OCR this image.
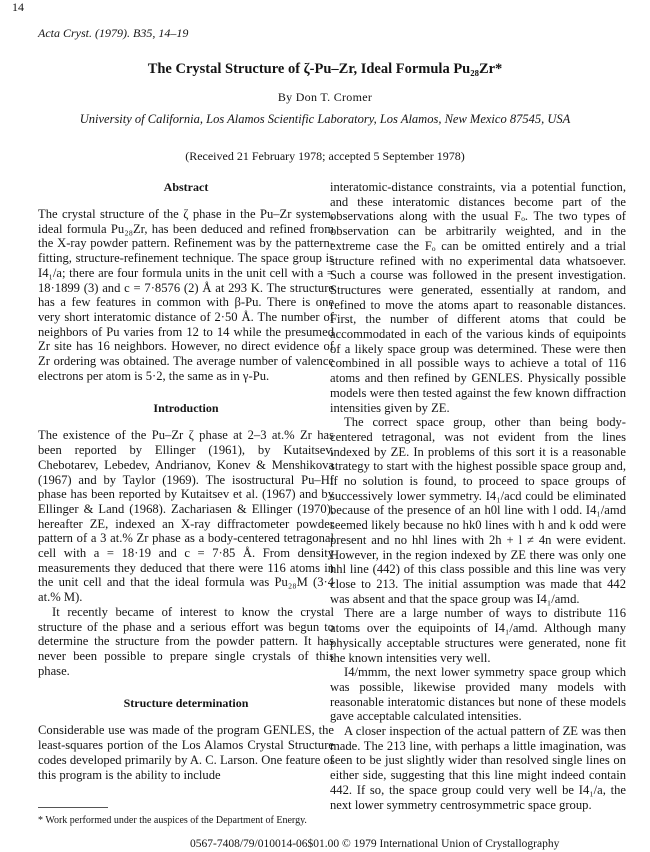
14
Acta Cryst. (1979). B35, 14–19
The Crystal Structure of ζ-Pu–Zr, Ideal Formula Pu₂₈Zr*
By Don T. Cromer
University of California, Los Alamos Scientific Laboratory, Los Alamos, New Mexico 87545, USA
(Received 21 February 1978; accepted 5 September 1978)
Abstract

The crystal structure of the ζ phase in the Pu–Zr system, ideal formula Pu₂₈Zr, has been deduced and refined from the X-ray powder pattern. Refinement was by the pattern-fitting, structure-refinement technique. The space group is I4₁/a; there are four formula units in the unit cell with a = 18·1899 (3) and c = 7·8576 (2) Å at 293 K. The structure has a few features in common with β-Pu. There is one very short interatomic distance of 2·50 Å. The number of neighbors of Pu varies from 12 to 14 while the presumed Zr site has 16 neighbors. However, no direct evidence of Zr ordering was obtained. The average number of valence electrons per atom is 5·2, the same as in γ-Pu.

Introduction

The existence of the Pu–Zr ζ phase at 2–3 at.% Zr has been reported by Ellinger (1961), by Kutaitsev, Chebotarev, Lebedev, Andrianov, Konev & Menshikova (1967) and by Taylor (1969). The isostructural Pu–Hf phase has been reported by Kutaitsev et al. (1967) and by Ellinger & Land (1968). Zachariasen & Ellinger (1970), hereafter ZE, indexed an X-ray diffractometer powder pattern of a 3 at.% Zr phase as a body-centered tetragonal cell with a = 18·19 and c = 7·85 Å. From density measurements they deduced that there were 116 atoms in the unit cell and that the ideal formula was Pu₂₈M (3·4 at.% M).

It recently became of interest to know the crystal structure of the phase and a serious effort was begun to determine the structure from the powder pattern. It has never been possible to prepare single crystals of this phase.

Structure determination

Considerable use was made of the program GENLES, the least-squares portion of the Los Alamos Crystal Structure codes developed primarily by A. C. Larson. One feature of this program is the ability to include

interatomic-distance constraints, via a potential function, and these interatomic distances become part of the observations along with the usual Fₒ. The two types of observation can be arbitrarily weighted, and in the extreme case the Fₒ can be omitted entirely and a trial structure refined with no experimental data whatsoever. Such a course was followed in the present investigation. Structures were generated, essentially at random, and refined to move the atoms apart to reasonable distances. First, the number of different atoms that could be accommodated in each of the various kinds of equipoints of a likely space group was determined. These were then combined in all possible ways to achieve a total of 116 atoms and then refined by GENLES. Physically possible models were then tested against the few known diffraction intensities given by ZE.

The correct space group, other than being body-centered tetragonal, was not evident from the lines indexed by ZE. In problems of this sort it is a reasonable strategy to start with the highest possible space group and, if no solution is found, to proceed to space groups of successively lower symmetry. I4₁/acd could be eliminated because of the presence of an h0l line with l odd. I4₁/amd seemed likely because no hk0 lines with h and k odd were present and no hhl lines with 2h + l ≠ 4n were evident. However, in the region indexed by ZE there was only one hhl line (442) of this class possible and this line was very close to 213. The initial assumption was made that 442 was absent and that the space group was I4₁/amd.

There are a large number of ways to distribute 116 atoms over the equipoints of I4₁/amd. Although many physically acceptable structures were generated, none fit the known intensities very well.

I4/mmm, the next lower symmetry space group which was possible, likewise provided many models with reasonable interatomic distances but none of these models gave acceptable calculated intensities.

A closer inspection of the actual pattern of ZE was then made. The 213 line, with perhaps a little imagination, was seen to be just slightly wider than resolved single lines on either side, suggesting that this line might indeed contain 442. If so, the space group could very well be I4₁/a, the next lower symmetry centrosymmetric space group.

* Work performed under the auspices of the Department of Energy.
0567-7408/79/010014-06$01.00 © 1979 International Union of Crystallography
